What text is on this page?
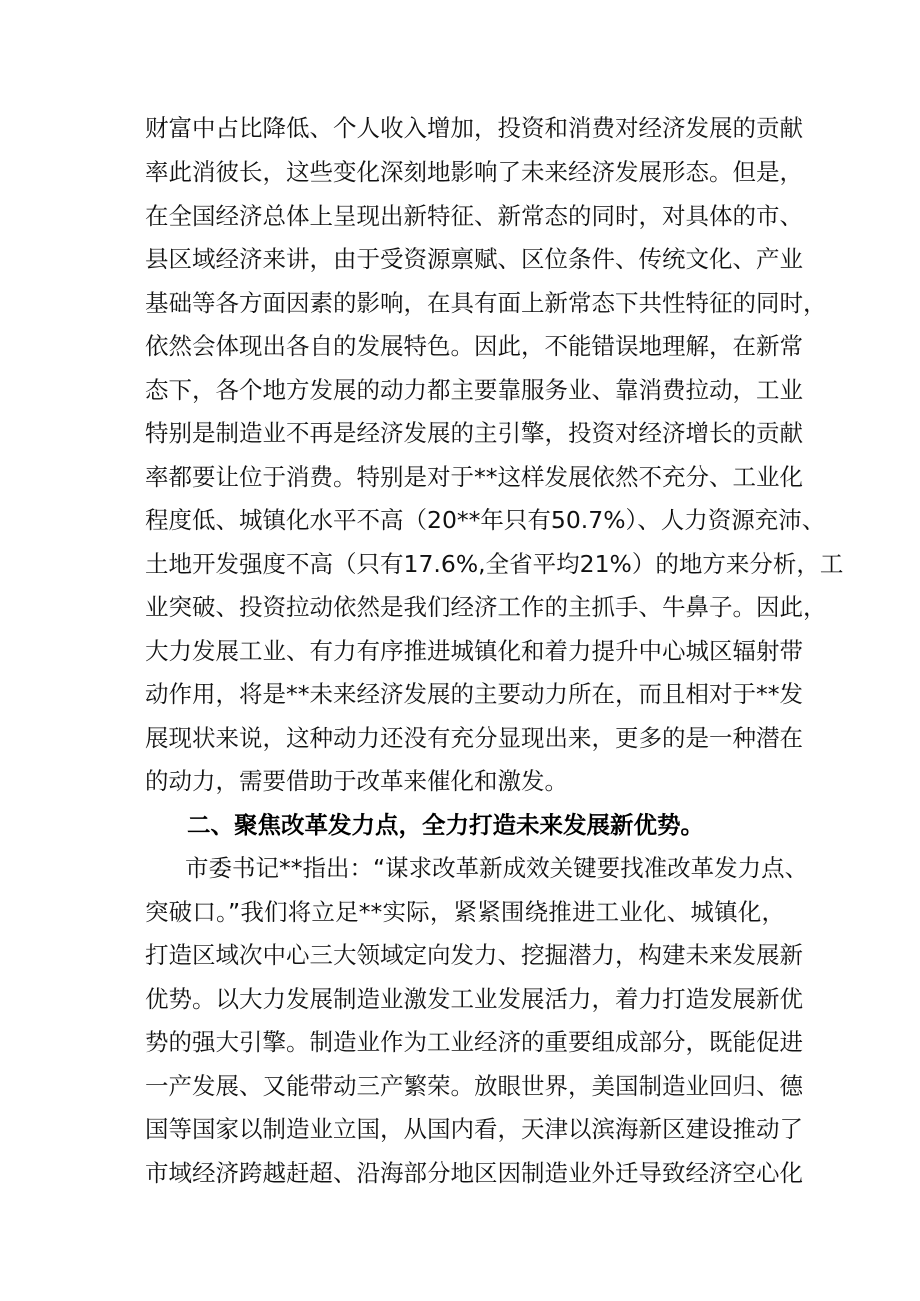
财富中占比降低、个人收入增加，投资和消费对经济发展的贡献
率此消彼长，这些变化深刻地影响了未来经济发展形态。但是，
在全国经济总体上呈现出新特征、新常态的同时，对具体的市、
县区域经济来讲，由于受资源禀赋、区位条件、传统文化、产业
基础等各方面因素的影响，在具有面上新常态下共性特征的同时，
依然会体现出各自的发展特色。因此，不能错误地理解，在新常
态下，各个地方发展的动力都主要靠服务业、靠消费拉动，工业
特别是制造业不再是经济发展的主引擎，投资对经济增长的贡献
率都要让位于消费。特别是对于**这样发展依然不充分、工业化
程度低、城镇化水平不高（20**年只有50.7%）、人力资源充沛、
土地开发强度不高（只有17.6%,全省平均21%）的地方来分析，工
业突破、投资拉动依然是我们经济工作的主抓手、牛鼻子。因此，
大力发展工业、有力有序推进城镇化和着力提升中心城区辐射带
动作用，将是**未来经济发展的主要动力所在，而且相对于**发
展现状来说，这种动力还没有充分显现出来，更多的是一种潜在
的动力，需要借助于改革来催化和激发。
二、聚焦改革发力点，全力打造未来发展新优势。
市委书记**指出：“谋求改革新成效关键要找准改革发力点、
突破口。”我们将立足**实际，紧紧围绕推进工业化、城镇化，
打造区域次中心三大领域定向发力、挖掘潜力，构建未来发展新
优势。以大力发展制造业激发工业发展活力，着力打造发展新优
势的强大引擎。制造业作为工业经济的重要组成部分，既能促进
一产发展、又能带动三产繁荣。放眼世界，美国制造业回归、德
国等国家以制造业立国，从国内看，天津以滨海新区建设推动了
市域经济跨越赶超、沿海部分地区因制造业外迁导致经济空心化
